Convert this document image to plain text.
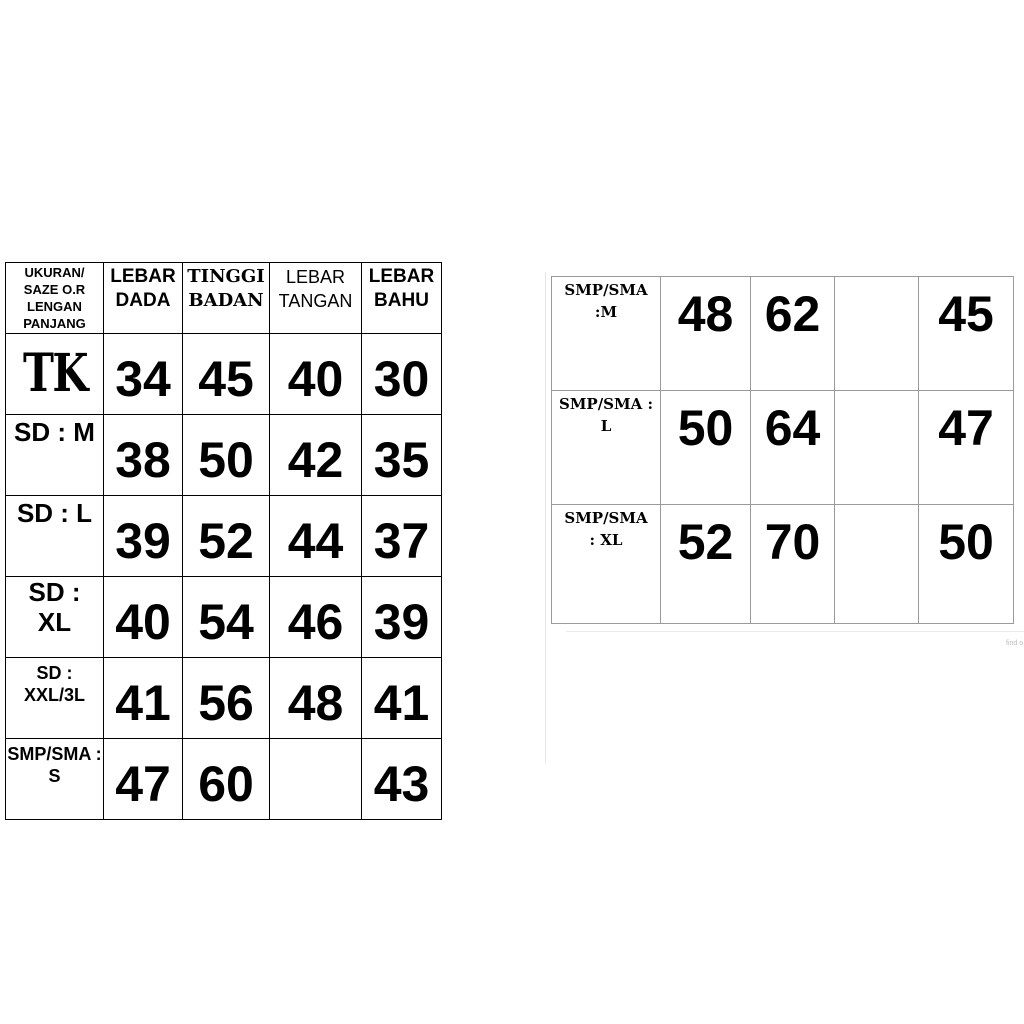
UKURAN/ SAZE O.R LENGAN PANJANG	LEBAR DADA	TINGGI BADAN	LEBAR TANGAN	LEBAR BAHU
TK	34	45	40	30
SD : M	38	50	42	35
SD : L	39	52	44	37
SD : XL	40	54	46	39
SD : XXL/3L	41	56	48	41
SMP/SMA : S	47	60		43
SMP/SMA :M	48	62		45
SMP/SMA : L	50	64		47
SMP/SMA : XL	52	70		50
find o
